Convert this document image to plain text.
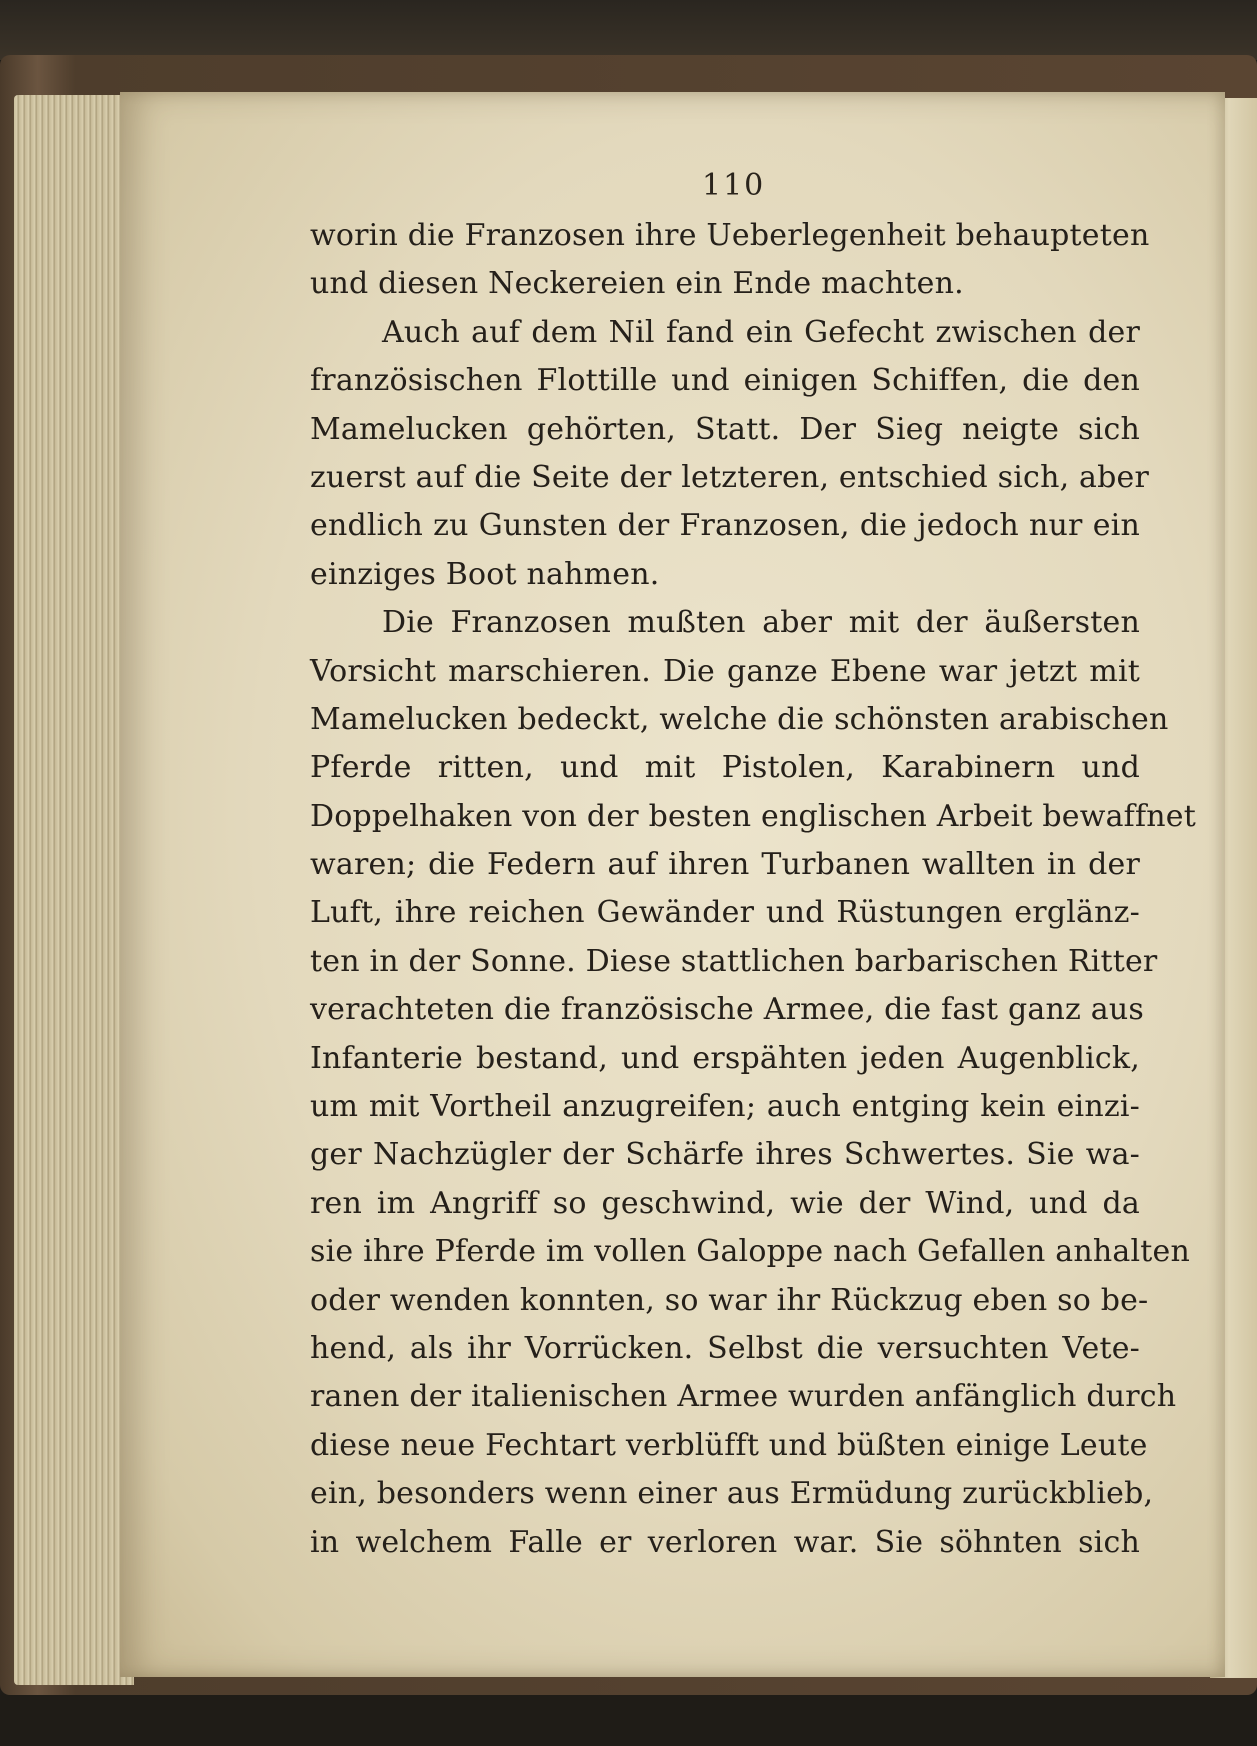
110
worin die Franzosen ihre Ueberlegenheit behaupteten
und diesen Neckereien ein Ende machten.
Auch auf dem Nil fand ein Gefecht zwischen der
französischen Flottille und einigen Schiffen, die den
Mamelucken gehörten, Statt. Der Sieg neigte sich
zuerst auf die Seite der letzteren, entschied sich, aber
endlich zu Gunsten der Franzosen, die jedoch nur ein
einziges Boot nahmen.
Die Franzosen mußten aber mit der äußersten
Vorsicht marschieren. Die ganze Ebene war jetzt mit
Mamelucken bedeckt, welche die schönsten arabischen
Pferde ritten, und mit Pistolen, Karabinern und
Doppelhaken von der besten englischen Arbeit bewaffnet
waren; die Federn auf ihren Turbanen wallten in der
Luft, ihre reichen Gewänder und Rüstungen erglänz-
ten in der Sonne. Diese stattlichen barbarischen Ritter
verachteten die französische Armee, die fast ganz aus
Infanterie bestand, und erspähten jeden Augenblick,
um mit Vortheil anzugreifen; auch entging kein einzi-
ger Nachzügler der Schärfe ihres Schwertes. Sie wa-
ren im Angriff so geschwind, wie der Wind, und da
sie ihre Pferde im vollen Galoppe nach Gefallen anhalten
oder wenden konnten, so war ihr Rückzug eben so be-
hend, als ihr Vorrücken. Selbst die versuchten Vete-
ranen der italienischen Armee wurden anfänglich durch
diese neue Fechtart verblüfft und büßten einige Leute
ein, besonders wenn einer aus Ermüdung zurückblieb,
in welchem Falle er verloren war. Sie söhnten sich
